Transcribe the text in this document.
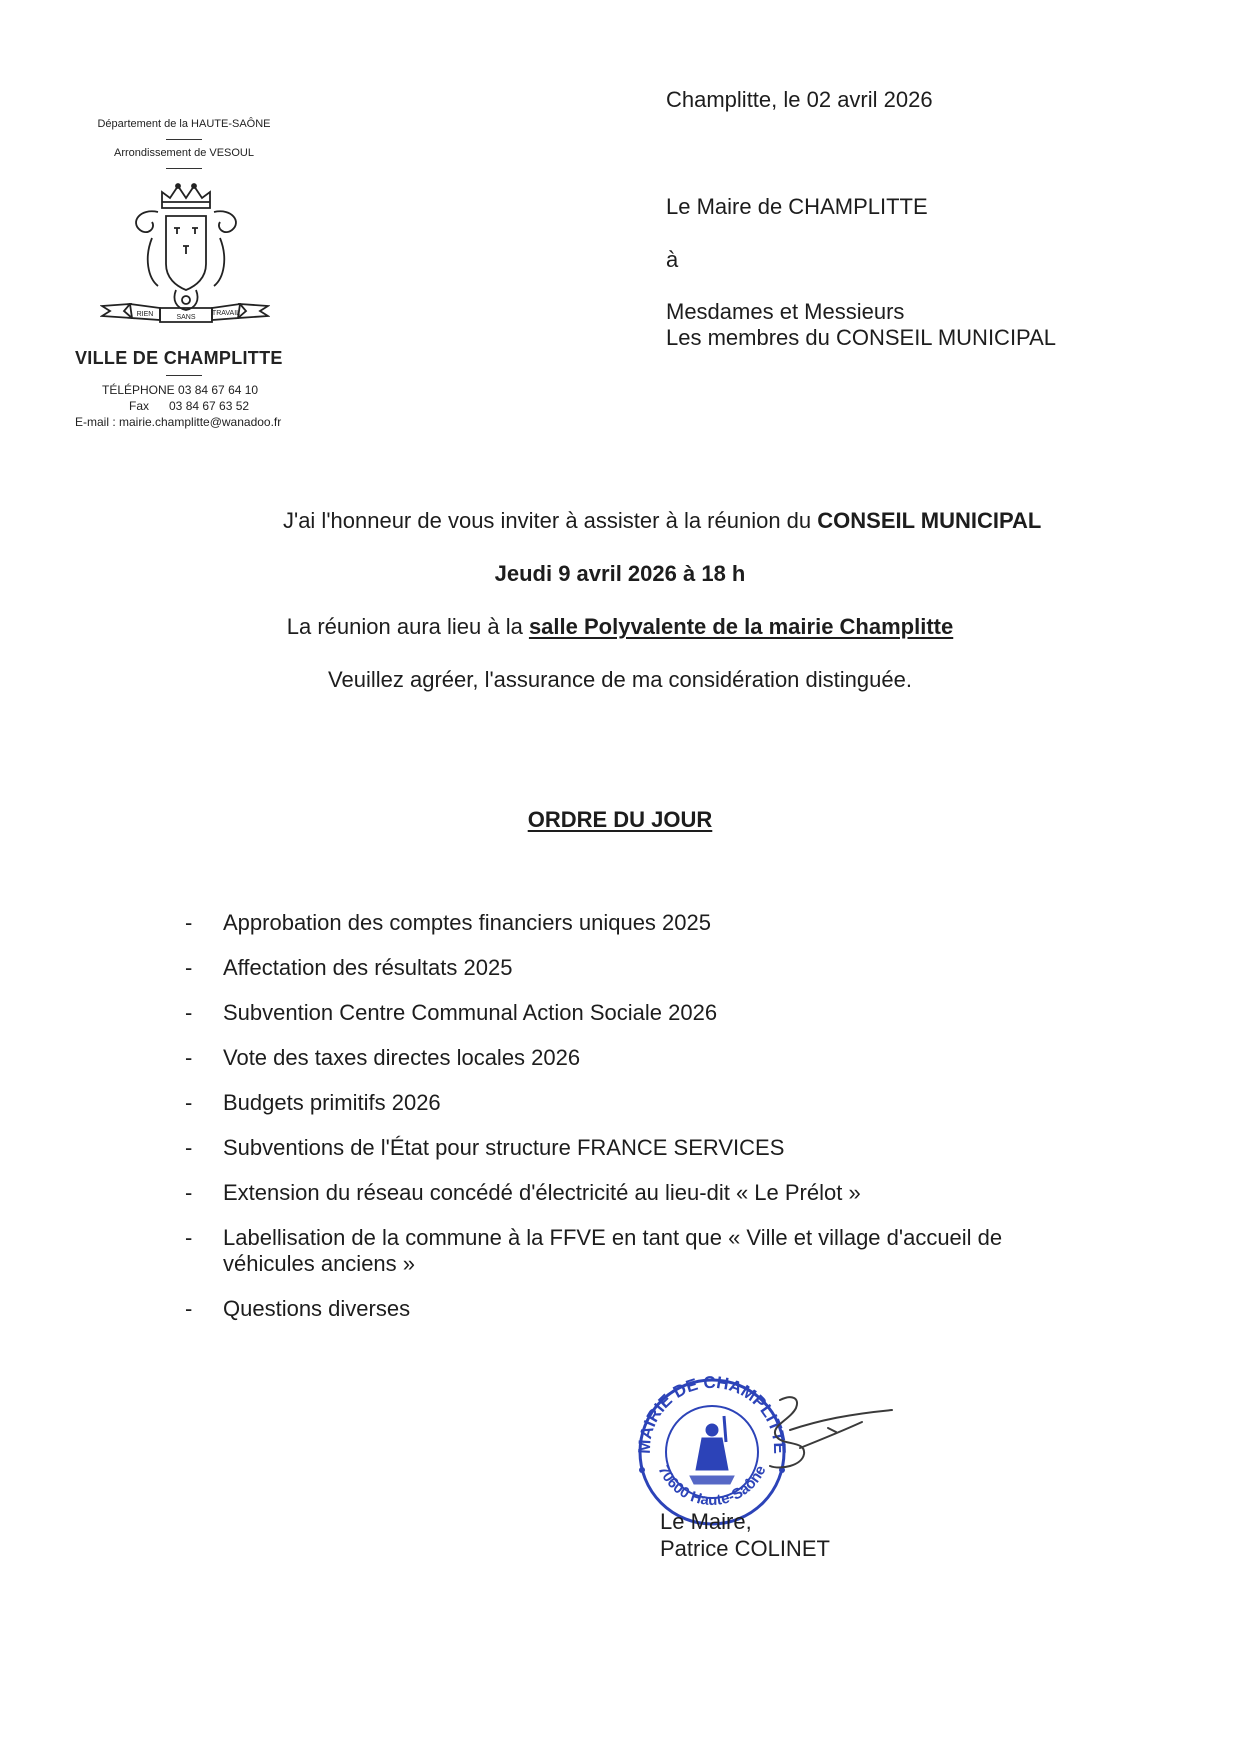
Département de la HAUTE-SAÔNE
Arrondissement de VESOUL
RIEN	SANS
TRAVAIL
VILLE DE CHAMPLITTE
TÉLÉPHONE 03 84 67 64 10
Fax      03 84 67 63 52
E-mail : mairie.champlitte@wanadoo.fr
Champlitte, le 02 avril 2026
Le Maire de CHAMPLITTE
à
Mesdames et Messieurs
Les membres du CONSEIL MUNICIPAL
J'ai l'honneur de vous inviter à assister à la réunion du CONSEIL MUNICIPAL
Jeudi 9 avril 2026 à 18 h
La réunion aura lieu à la salle Polyvalente de la mairie Champlitte
Veuillez agréer, l'assurance de ma considération distinguée.
ORDRE DU JOUR
- Approbation des comptes financiers uniques 2025
- Affectation des résultats 2025
- Subvention Centre Communal Action Sociale 2026
- Vote des taxes directes locales 2026
- Budgets primitifs 2026
- Subventions de l'État pour structure FRANCE SERVICES
- Extension du réseau concédé d'électricité au lieu-dit « Le Prélot »
- Labellisation de la commune à la FFVE en tant que « Ville et village d'accueil de véhicules anciens »
- Questions diverses
MAIRIE DE CHAMPLITTE
70600 Haute-Saône
Le Maire,
Patrice COLINET
